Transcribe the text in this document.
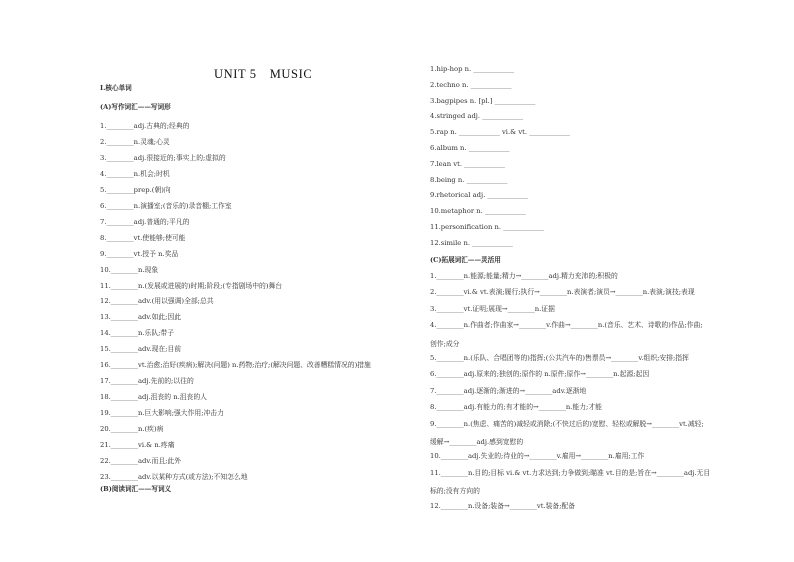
UNIT 5　MUSIC
Ⅰ.核心单词
(A)写作词汇——写词形
1.________adj.古典的;经典的
2.________n.灵魂;心灵
3.________adj.很接近的;事实上的;虚拟的
4.________n.机会;时机
5.________prep.(朝)向
6.________n.演播室;(音乐的)录音棚;工作室
7.________adj.普通的;平凡的
8.________vt.使能够;使可能
9.________vt.授予 n.奖品
10.________n.现象
11.________n.(发展或进展的)时期;阶段;(专指剧场中的)舞台
12.________adv.(用以强调)全部;总共
13.________adv.如此;因此
14.________n.乐队;带子
15.________adv.现在;目前
16.________vt.治愈;治好(疾病);解决(问题) n.药物;治疗;(解决问题、改善糟糕情况的)措施
17.________adj.先前的;以往的
18.________adj.沮丧的 n.沮丧的人
19.________n.巨大影响;强大作用;冲击力
20.________n.(疾)病
21.________vi.& n.疼痛
22.________adv.而且;此外
23.________adv.以某种方式(或方法);不知怎么地
(B)阅读词汇——写词义
1.hip-hop n. ____________
2.techno n. ____________
3.bagpipes n. [pl.] ____________
4.stringed adj. ____________
5.rap n. ____________ vi.& vt. ____________
6.album n. ____________
7.lean vt. ____________
8.being n. ____________
9.rhetorical adj. ____________
10.metaphor n. ____________
11.personification n. ____________
12.simile n. ____________
(C)拓展词汇——灵活用
1.________n.能源;能量;精力→________adj.精力充沛的;积极的
2.________vi.& vt.表演;履行;执行→________n.表演者;演员→________n.表演;演技;表现
3.________vt.证明;展现→________n.证据
4.________n.作曲者;作曲家→________v.作曲→________n.(音乐、艺术、诗歌的)作品;作曲;
创作;成分
5.________n.(乐队、合唱团等的)指挥;(公共汽车的)售票员→________v.组织;安排;指挥
6.________adj.原来的;独创的;原作的 n.原件;原作→________n.起源;起因
7.________adj.逐渐的;渐进的→________adv.逐渐地
8.________adj.有能力的;有才能的→________n.能力;才能
9.________n.(焦虑、痛苦的)减轻或消除;(不快过后的)宽慰、轻松或解脱→________vt.减轻;
缓解→________adj.感到宽慰的
10.________adj.失业的;待业的→________v.雇用→________n.雇用;工作
11.________n.目的;目标 vi.& vt.力求达到;力争做到;瞄准 vt.目的是;旨在→________adj.无目
标的;没有方向的
12.________n.设备;装备→________vt.装备;配备
